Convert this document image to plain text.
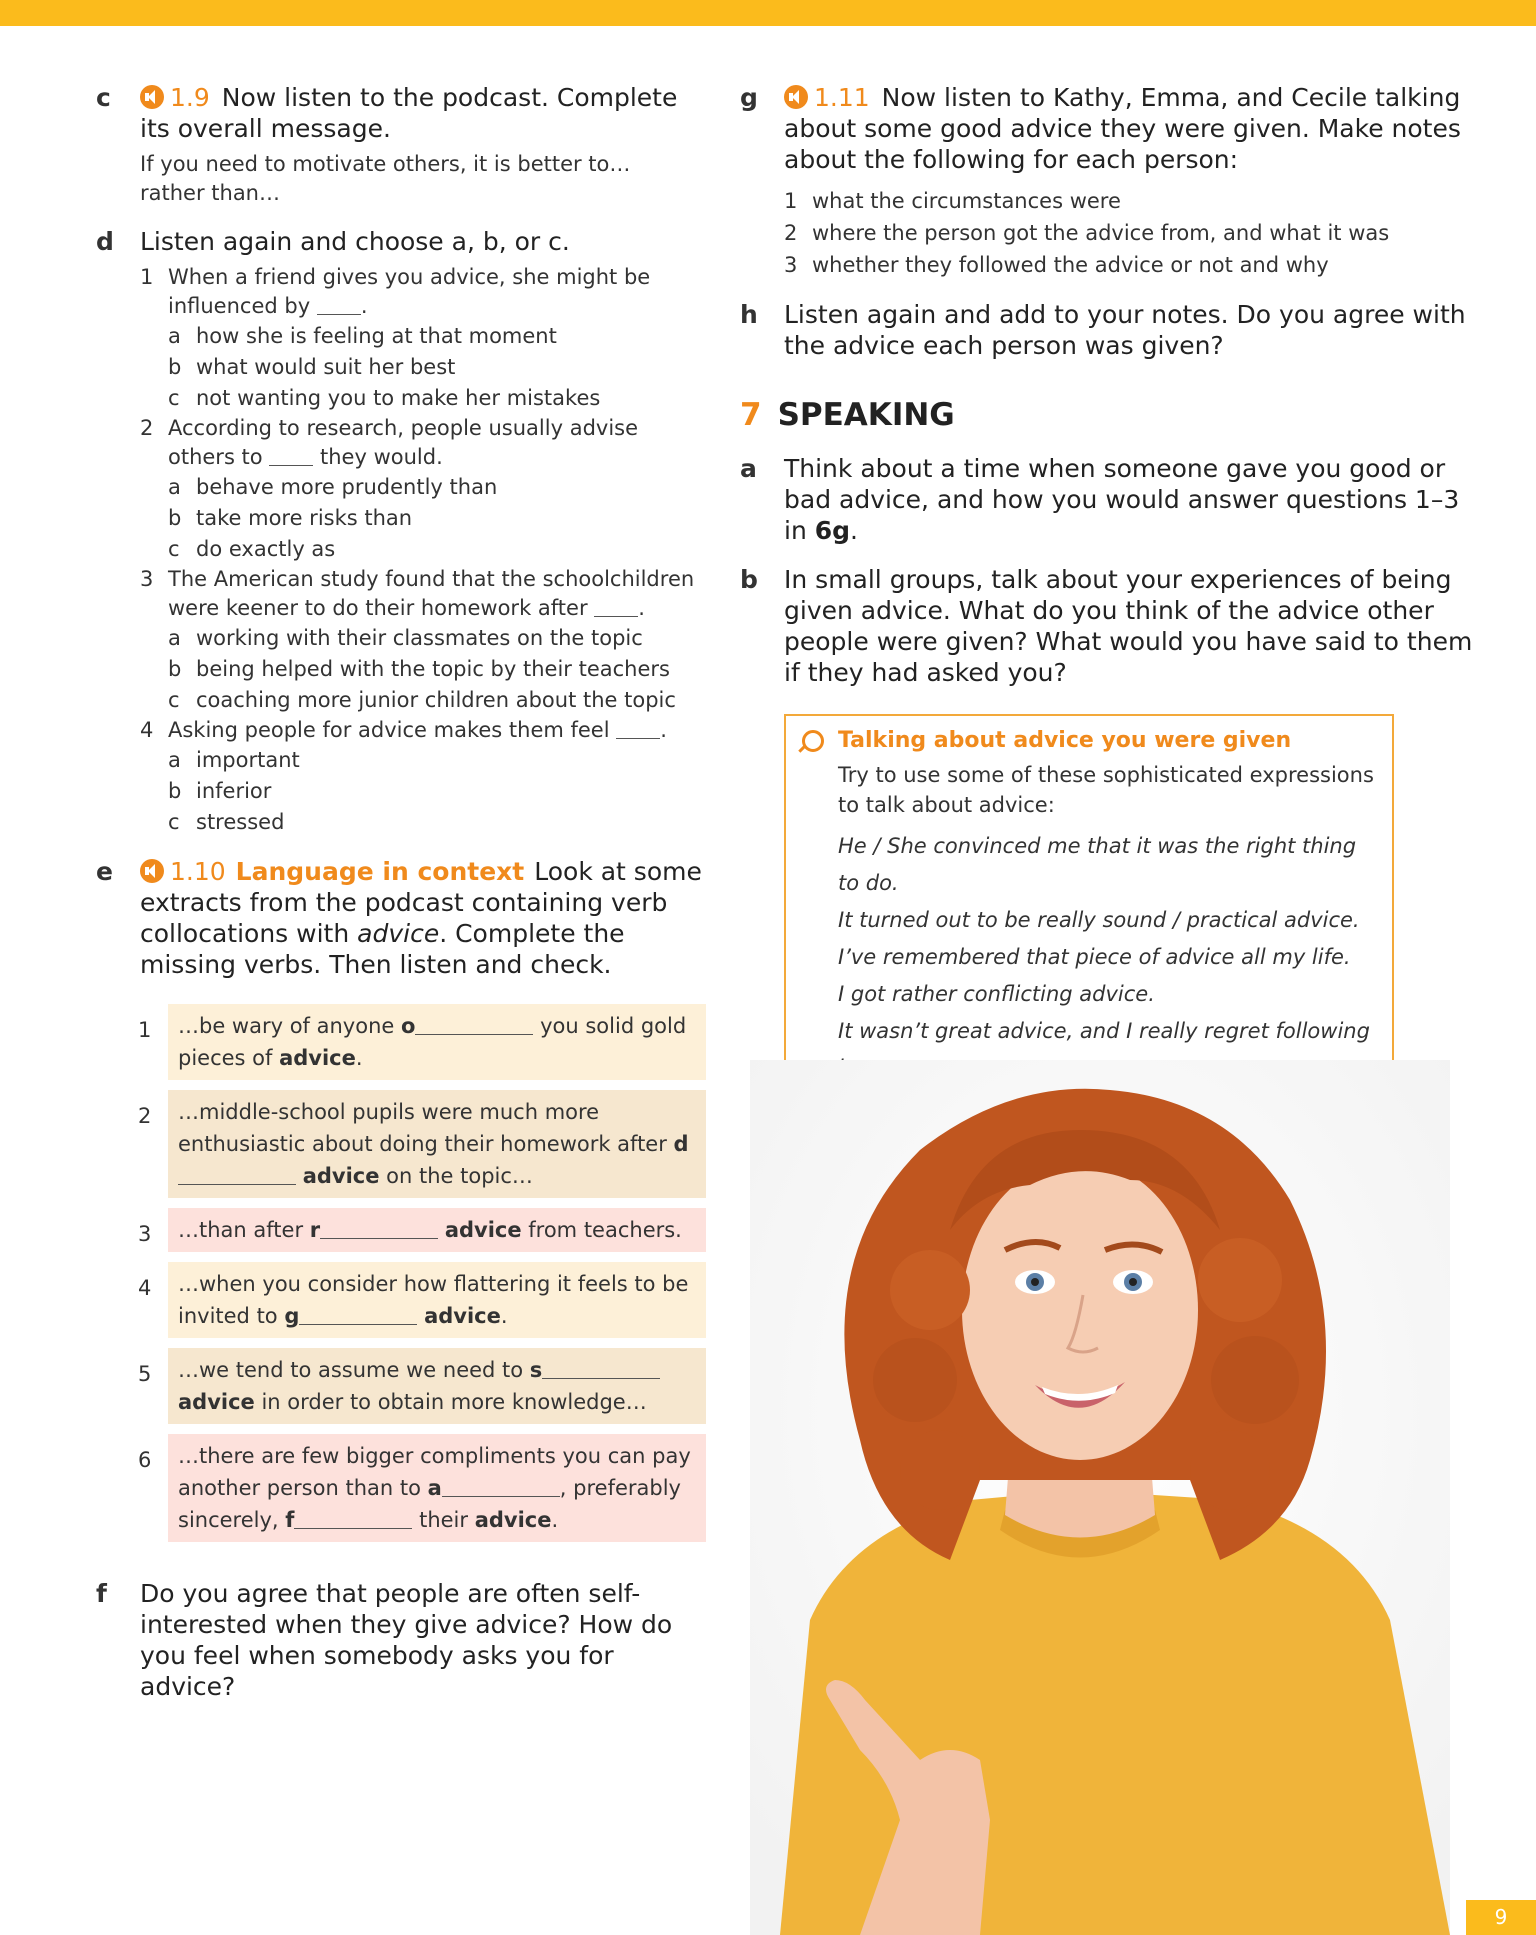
c	1.9 Now listen to the podcast. Complete its overall message.

If you need to motivate others, it is better to…

rather than…

d Listen again and choose a, b, or c.
1 When a friend gives you advice, she might be influenced by .
a how she is feeling at that moment
b what would suit her best
c not wanting you to make her mistakes
2 According to research, people usually advise others to  they would.
a behave more prudently than
b take more risks than
c do exactly as
3 The American study found that the schoolchildren were keener to do their homework after .
a working with their classmates on the topic
b being helped with the topic by their teachers
c coaching more junior children about the topic
4 Asking people for advice makes them feel .
a important
b inferior
c stressed
e	1.10 Language in context Look at some extracts from the podcast containing verb collocations with advice. Complete the missing verbs. Then listen and check.
1	…be wary of anyone o	you solid gold pieces of advice.
2	…middle-school pupils were much more enthusiastic about doing their homework after d advice on the topic…
3	…than after r	advice from teachers.
4	…when you consider how flattering it feels to be invited to g	advice.
5	…we tend to assume we need to s advice in order to obtain more knowledge…
6	…there are few bigger compliments you can pay another person than to a	, preferably sincerely, f	their advice.
f Do you agree that people are often self-interested when they give advice? How do you feel when somebody asks you for advice?
g	1.11 Now listen to Kathy, Emma, and Cecile talking about some good advice they were given. Make notes about the following for each person:
1 what the circumstances were
2 where the person got the advice from, and what it was
3 whether they followed the advice or not and why
h Listen again and add to your notes. Do you agree with the advice each person was given?
7 SPEAKING
a Think about a time when someone gave you good or bad advice, and how you would answer questions 1–3 in 6g.
b In small groups, talk about your experiences of being given advice. What do you think of the advice other people were given? What would you have said to them if they had asked you?
Talking about advice you were given

Try to use some of these sophisticated expressions to talk about advice:

He / She convinced me that it was the right thing to do.
It turned out to be really sound / practical advice.
I’ve remembered that piece of advice all my life.
I got rather conflicting advice.
It wasn’t great advice, and I really regret following
9
